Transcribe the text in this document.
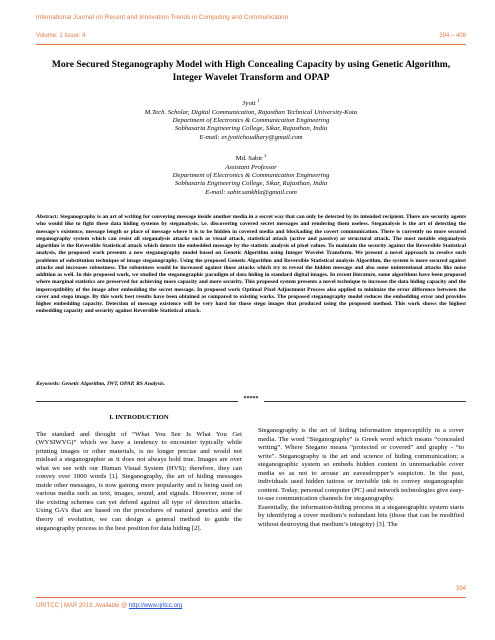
International Journal on Recent and Innovation Trends in Computing and Communication
Volume: 1 Issue: 4	394 – 408
More Secured Steganography Model with High Concealing Capacity by using Genetic Algorithm, Integer Wavelet Transform and OPAP
Jyoti $^1$
M.Tech. Scholar, Digital Communication, Rajasthan Technical University-Kota
Department of Electronics & Communication Engineering
Sobhasaria Engineering College, Sikar, Rajasthan, India
E-mail: er.jyotichoudhary@gmail.com
Md. Sabir $^2$
Assistant Professor
Department of Electronics & Communication Engineering
Sobhasaria Engineering College, Sikar, Rajasthan, India
E-mail: sabir.sankhla@gmail.com
Abstract: Steganography is an art of writing for conveying message inside another media in a secret way that can only be detected by its intended recipient. There are security agents who would like to fight these data hiding systems by steganalysis, i.e. discovering covered secret messages and rendering them useless. Steganalysis is the art of detecting the message's existence, message length or place of message where it is to be hidden in covered media and blockading the covert communication. There is currently no more secured steganography system which can resist all steganalysis attacks such as visual attack, statistical attack (active and passive) or structural attack. The most notable steganalysis algorithm is the Reversible Statistical attack which detects the embedded message by the statistic analysis of pixel values. To maintain the security against the Reversible Statistical analysis, the proposed work presents a new steganography model based on Genetic Algorithm using Integer Wavelet Transform. We present a novel approach to resolve such problems of substitution technique of image steganography. Using the proposed Genetic Algorithm and Reversible Statistical analysis Algorithm, the system is more secured against attacks and increases robustness. The robustness would be increased against those attacks which try to reveal the hidden message and also some unintentional attacks like noise addition as well. In this proposed work, we studied the steganographic paradigm of data hiding in standard digital images. In recent literature, some algorithms have been proposed where marginal statistics are preserved for achieving more capacity and more security. This proposed system presents a novel technique to increase the data hiding capacity and the imperceptibility of the image after embedding the secret message. In proposed work Optimal Pixel Adjustment Process also applied to minimize the error difference between the cover and stego image. By this work best results have been obtained as compared to existing works. The proposed steganography model reduces the embedding error and provides higher embedding capacity. Detection of message existence will be very hard for those stego images that produced using the proposed method. This work shows the highest embedding capacity and security against Reversible Statistical attack.
Keywords: Genetic Algorithm, IWT, OPAP, RS Analysis.
*****
I. INTRODUCTION
The standard and thought of “What You See Is What You Get (WYSIWYG)” which we have a tendency to encounter typically while printing images or other materials, is no longer precise and would not mislead a steganographer as it does not always hold true. Images are over what we see with our Human Visual System (HVS); therefore, they can convey over 1000 words [1]. Steganography, the art of hiding messages inside other messages, is now gaining more popularity and is being used on various media such as text, images, sound, and signals. However, none of the existing schemes can yet defend against all type of detection attacks. Using GA’s that are based on the procedures of natural genetics and the theory of evolution, we can design a general method to guide the steganography process to the best position for data hiding [2].
Steganography is the art of hiding information imperceptibly in a cover media. The word "Steganography" is Greek word which means “concealed writing”. Where Stegano means "protected or covered" and graphy - “to write". Steganography is the art and science of hiding communication; a steganographic system so embeds hidden content in unremarkable cover media so as not to arouse an eavesdropper’s suspicion. In the past, individuals used hidden tattoos or invisible ink to convey steganographic content. Today, personal computer (PC) and network technologies give easy-to-use communication channels for steganography.
Essentially, the information-hiding process in a steganographic system starts by identifying a cover medium’s redundant bits (those that can be modified without destroying that medium’s integrity) [3]. The
394
IJRITCC | MAR 2013, Available @ http://www.ijritcc.org
